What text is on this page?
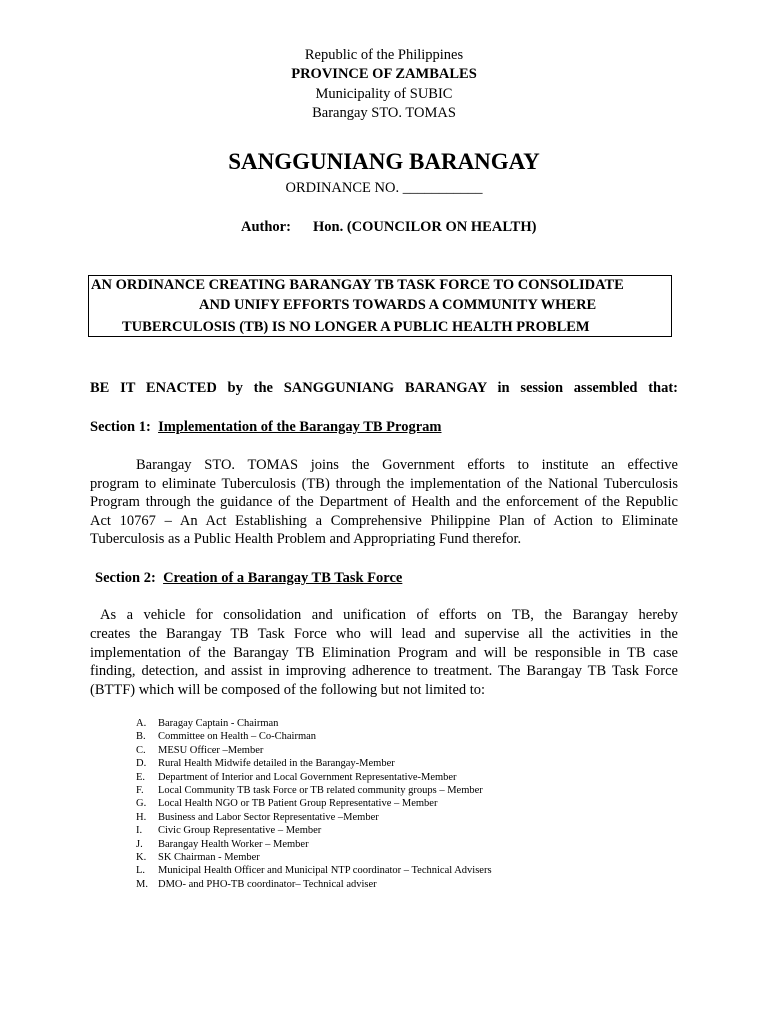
Republic of the Philippines
PROVINCE OF ZAMBALES
Municipality of SUBIC
Barangay STO. TOMAS
SANGGUNIANG BARANGAY
ORDINANCE NO. ___________
Author: Hon. (COUNCILOR ON HEALTH)
AN ORDINANCE CREATING BARANGAY TB TASK FORCE TO CONSOLIDATE
AND UNIFY EFFORTS TOWARDS A COMMUNITY WHERE
TUBERCULOSIS (TB) IS NO LONGER A PUBLIC HEALTH PROBLEM
BE IT ENACTED by the SANGGUNIANG BARANGAY in session assembled that:
Section 1: Implementation of the Barangay TB Program
Barangay STO. TOMAS joins the Government efforts to institute an effective
program to eliminate Tuberculosis (TB) through the implementation of the National Tuberculosis
Program through the guidance of the Department of Health and the enforcement of the Republic
Act 10767 – An Act Establishing a Comprehensive Philippine Plan of Action to Eliminate
Tuberculosis as a Public Health Problem and Appropriating Fund therefor.
Section 2: Creation of a Barangay TB Task Force
As a vehicle for consolidation and unification of efforts on TB, the Barangay hereby
creates the Barangay TB Task Force who will lead and supervise all the activities in the
implementation of the Barangay TB Elimination Program and will be responsible in TB case
finding, detection, and assist in improving adherence to treatment. The Barangay TB Task Force
(BTTF) which will be composed of the following but not limited to:
A.	Baragay Captain - Chairman
B.	Committee on Health – Co-Chairman
C.	MESU Officer –Member
D.	Rural Health Midwife detailed in the Barangay-Member
E.	Department of Interior and Local Government Representative-Member
F.	Local Community TB task Force or TB related community groups – Member
G.	Local Health NGO or TB Patient Group Representative – Member
H.	Business and Labor Sector Representative –Member
I.	Civic Group Representative – Member
J.	Barangay Health Worker – Member
K.	SK Chairman - Member
L.	Municipal Health Officer and Municipal NTP coordinator – Technical Advisers
M. DMO- and PHO-TB coordinator– Technical adviser
